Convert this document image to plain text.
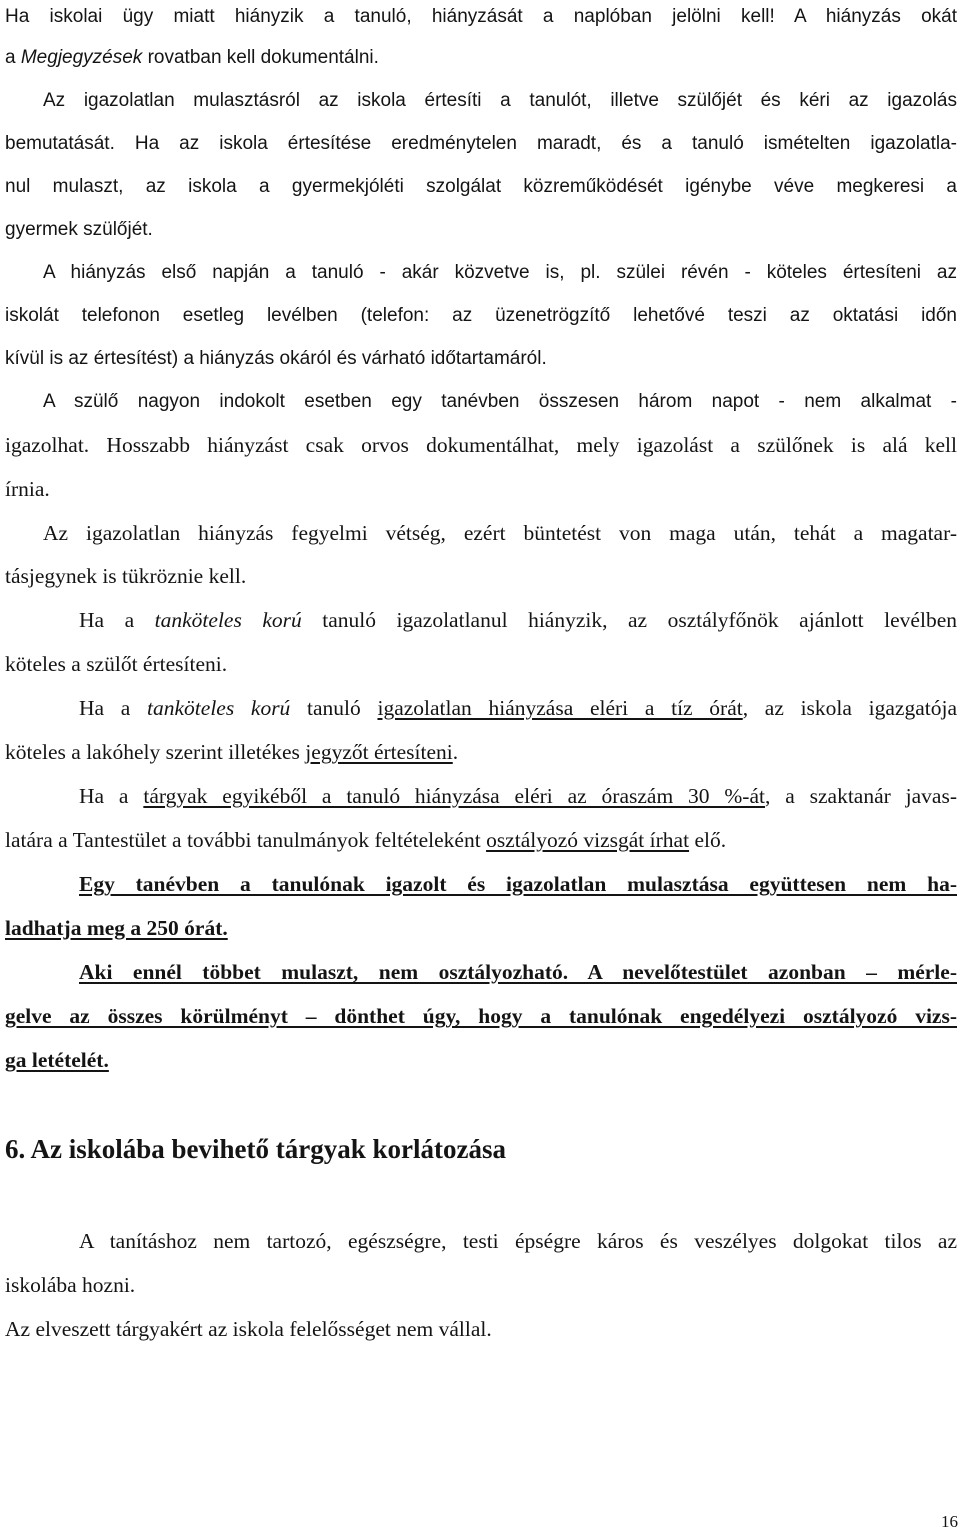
Ha iskolai ügy miatt hiányzik a tanuló, hiányzását a naplóban jelölni kell! A hiányzás okát
a Megjegyzések rovatban kell dokumentálni.
Az igazolatlan mulasztásról az iskola értesíti a tanulót, illetve szülőjét és kéri az igazolás
bemutatását. Ha az iskola értesítése eredménytelen maradt, és a tanuló ismételten igazolatla-
nul mulaszt, az iskola a gyermekjóléti szolgálat közreműködését igénybe véve megkeresi a
gyermek szülőjét.
A hiányzás első napján a tanuló - akár közvetve is, pl. szülei révén - köteles értesíteni az
iskolát telefonon esetleg levélben (telefon: az üzenetrögzítő lehetővé teszi az oktatási időn
kívül is az értesítést) a hiányzás okáról és várható időtartamáról.
A szülő nagyon indokolt esetben egy tanévben összesen három napot - nem alkalmat -
igazolhat. Hosszabb hiányzást csak orvos dokumentálhat, mely igazolást a szülőnek is alá kell
írnia.
Az igazolatlan hiányzás fegyelmi vétség, ezért büntetést von maga után, tehát a magatar-
tásjegynek is tükröznie kell.
Ha a tanköteles korú tanuló igazolatlanul hiányzik, az osztályfőnök ajánlott levélben
köteles a szülőt értesíteni.
Ha a tanköteles korú tanuló igazolatlan hiányzása eléri a tíz órát, az iskola igazgatója
köteles a lakóhely szerint illetékes jegyzőt értesíteni.
Ha a tárgyak egyikéből a tanuló hiányzása eléri az óraszám 30 %-át, a szaktanár javas-
latára a Tantestület a további tanulmányok feltételeként osztályozó vizsgát írhat elő.
Egy tanévben a tanulónak igazolt és igazolatlan mulasztása együttesen nem ha-
ladhatja meg a 250 órát.
Aki ennél többet mulaszt, nem osztályozható. A nevelőtestület azonban – mérle-
gelve az összes körülményt – dönthet úgy, hogy a tanulónak engedélyezi osztályozó vizs-
ga letételét.
6. Az iskolába bevihető tárgyak korlátozása
A tanításhoz nem tartozó, egészségre, testi épségre káros és veszélyes dolgokat tilos az
iskolába hozni.
Az elveszett tárgyakért az iskola felelősséget nem vállal.
16
